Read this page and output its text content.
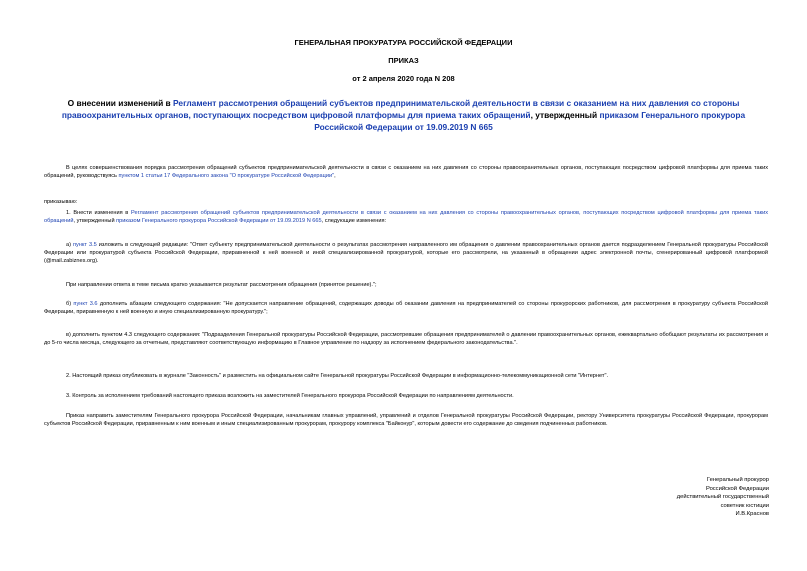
ГЕНЕРАЛЬНАЯ ПРОКУРАТУРА РОССИЙСКОЙ ФЕДЕРАЦИИ
ПРИКАЗ
от 2 апреля 2020 года N 208
О внесении изменений в Регламент рассмотрения обращений субъектов предпринимательской деятельности в связи с оказанием на них давления со стороны правоохранительных органов, поступающих посредством цифровой платформы для приема таких обращений, утвержденный приказом Генерального прокурора Российской Федерации от 19.09.2019 N 665
В целях совершенствования порядка рассмотрения обращений субъектов предпринимательской деятельности в связи с оказанием на них давления со стороны правоохранительных органов, поступающих посредством цифровой платформы для приема таких обращений, руководствуясь пунктом 1 статьи 17 Федерального закона "О прокуратуре Российской Федерации",
приказываю:
1. Внести изменения в Регламент рассмотрения обращений субъектов предпринимательской деятельности в связи с оказанием на них давления со стороны правоохранительных органов, поступающих посредством цифровой платформы для приема таких обращений, утвержденный приказом Генерального прокурора Российской Федерации от 19.09.2019 N 665, следующие изменения:
а) пункт 3.5 изложить в следующей редакции: "Ответ субъекту предпринимательской деятельности о результатах рассмотрения направленного им обращения о давлении правоохранительных органов дается подразделением Генеральной прокуратуры Российской Федерации или прокуратурой субъекта Российской Федерации, приравненной к ней военной и иной специализированной прокуратурой, которые его рассмотрели, на указанный в обращении адрес электронной почты, сгенерированный цифровой платформой (@mail.zabiznes.org).
При направлении ответа в теме письма кратко указывается результат рассмотрения обращения (принятое решение).";
б) пункт 3.6 дополнить абзацем следующего содержания: "Не допускается направление обращений, содержащих доводы об оказании давления на предпринимателей со стороны прокурорских работников, для рассмотрения в прокуратуру субъекта Российской Федерации, приравненную к ней военную и иную специализированную прокуратуру.";
в) дополнить пунктом 4.3 следующего содержания: "Подразделения Генеральной прокуратуры Российской Федерации, рассмотревшие обращения предпринимателей о давлении правоохранительных органов, ежеквартально обобщают результаты их рассмотрения и до 5-го числа месяца, следующего за отчетным, представляют соответствующую информацию в Главное управление по надзору за исполнением федерального законодательства.".
2. Настоящий приказ опубликовать в журнале "Законность" и разместить на официальном сайте Генеральной прокуратуры Российской Федерации в информационно-телекоммуникационной сети "Интернет".
3. Контроль за исполнением требований настоящего приказа возложить на заместителей Генерального прокурора Российской Федерации по направлениям деятельности.
Приказ направить заместителям Генерального прокурора Российской Федерации, начальникам главных управлений, управлений и отделов Генеральной прокуратуры Российской Федерации, ректору Университета прокуратуры Российской Федерации, прокурорам субъектов Российской Федерации, приравненным к ним военным и иным специализированным прокурорам, прокурору комплекса "Байконур", которым довести его содержание до сведения подчиненных работников.
Генеральный прокурор
Российской Федерации
действительный государственный
советник юстиции
И.В.Краснов
